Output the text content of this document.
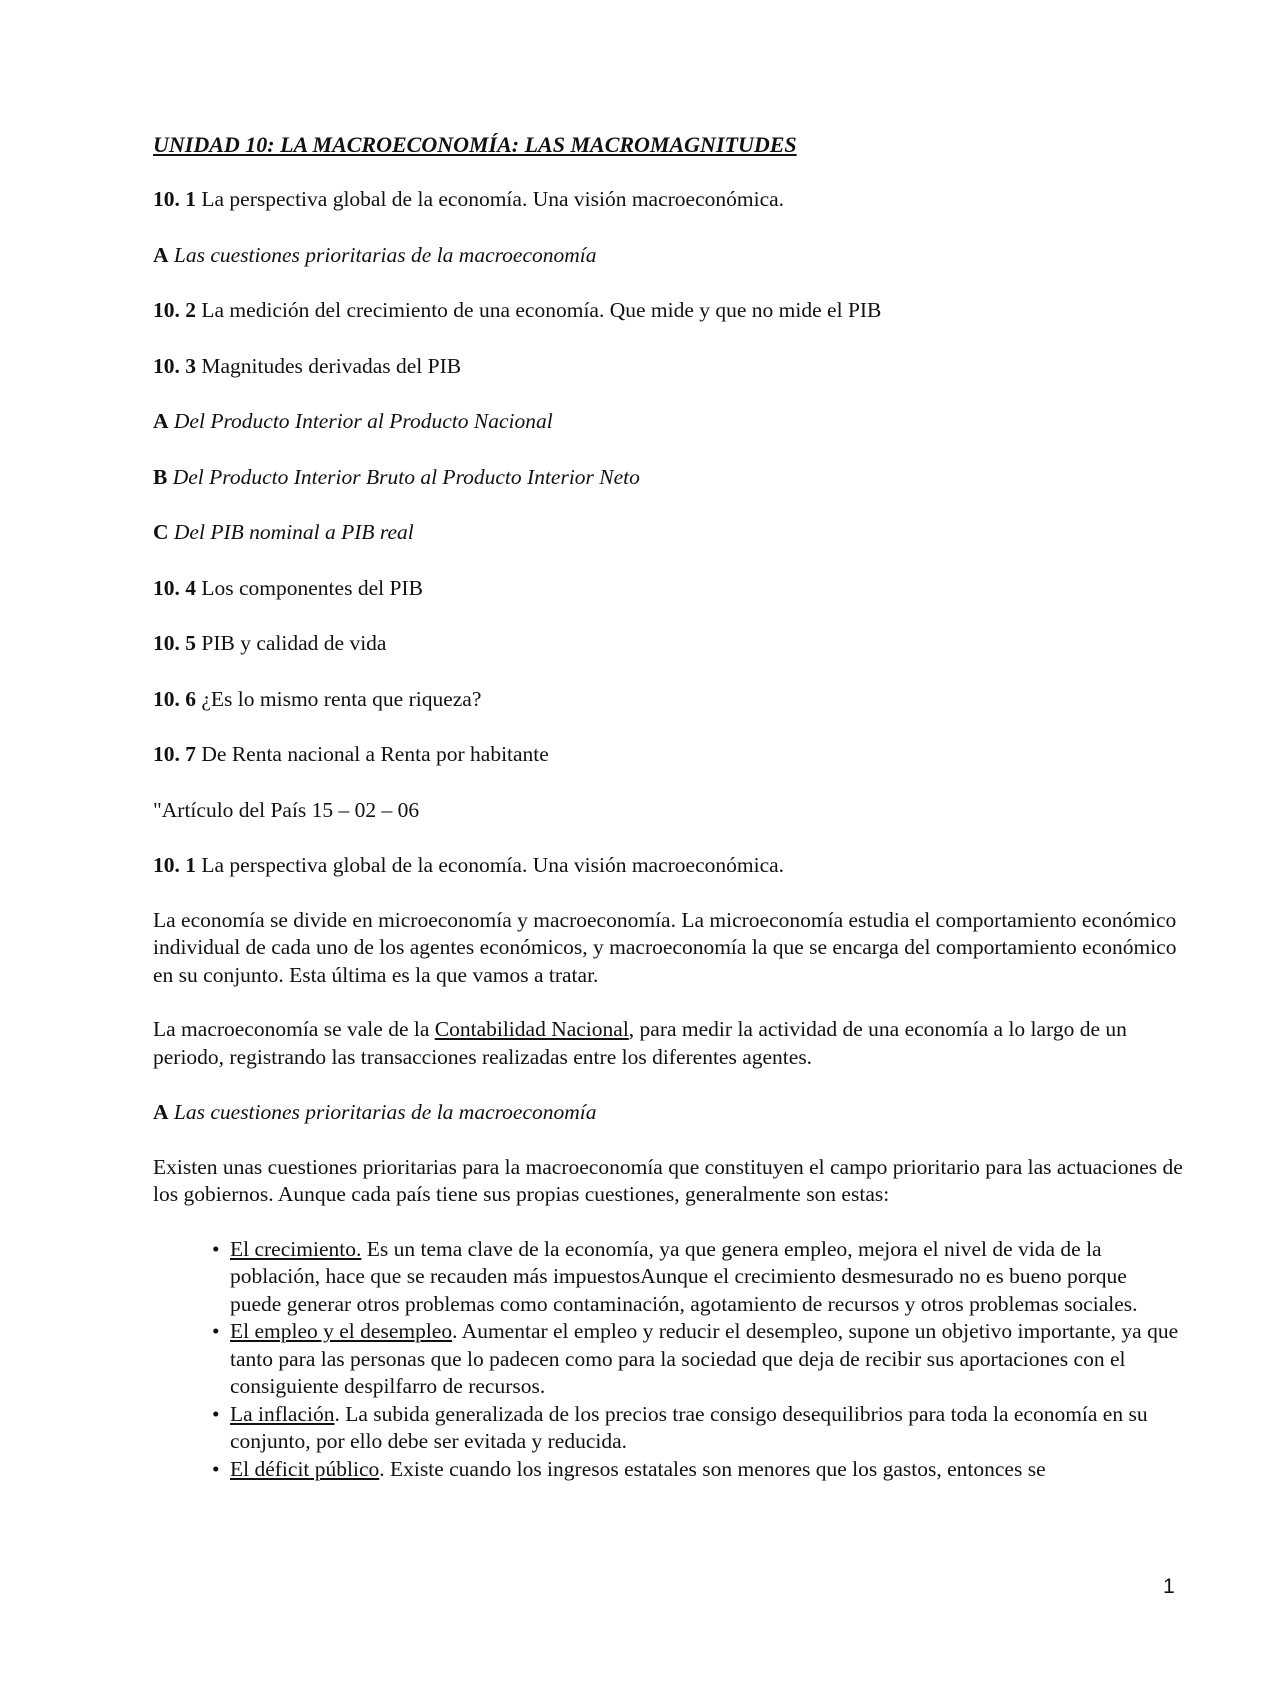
UNIDAD 10: LA MACROECONOMÍA: LAS MACROMAGNITUDES
10. 1 La perspectiva global de la economía. Una visión macroeconómica.
A Las cuestiones prioritarias de la macroeconomía
10. 2 La medición del crecimiento de una economía. Que mide y que no mide el PIB
10. 3 Magnitudes derivadas del PIB
A Del Producto Interior al Producto Nacional
B Del Producto Interior Bruto al Producto Interior Neto
C Del PIB nominal a PIB real
10. 4 Los componentes del PIB
10. 5 PIB y calidad de vida
10. 6 ¿Es lo mismo renta que riqueza?
10. 7 De Renta nacional a Renta por habitante
"Artículo del País 15 – 02 – 06
10. 1 La perspectiva global de la economía. Una visión macroeconómica.

La economía se divide en microeconomía y macroeconomía. La microeconomía estudia el comportamiento económico individual de cada uno de los agentes económicos, y macroeconomía la que se encarga del comportamiento económico en su conjunto. Esta última es la que vamos a tratar.

La macroeconomía se vale de la Contabilidad Nacional, para medir la actividad de una economía a lo largo de un periodo, registrando las transacciones realizadas entre los diferentes agentes.

A Las cuestiones prioritarias de la macroeconomía

Existen unas cuestiones prioritarias para la macroeconomía que constituyen el campo prioritario para las actuaciones de los gobiernos. Aunque cada país tiene sus propias cuestiones, generalmente son estas:

• El crecimiento. Es un tema clave de la economía, ya que genera empleo, mejora el nivel de vida de la población, hace que se recauden más impuestosAunque el crecimiento desmesurado no es bueno porque puede generar otros problemas como contaminación, agotamiento de recursos y otros problemas sociales.
• El empleo y el desempleo. Aumentar el empleo y reducir el desempleo, supone un objetivo importante, ya que tanto para las personas que lo padecen como para la sociedad que deja de recibir sus aportaciones con el consiguiente despilfarro de recursos.
• La inflación. La subida generalizada de los precios trae consigo desequilibrios para toda la economía en su conjunto, por ello debe ser evitada y reducida.
• El déficit público. Existe cuando los ingresos estatales son menores que los gastos, entonces se
1
